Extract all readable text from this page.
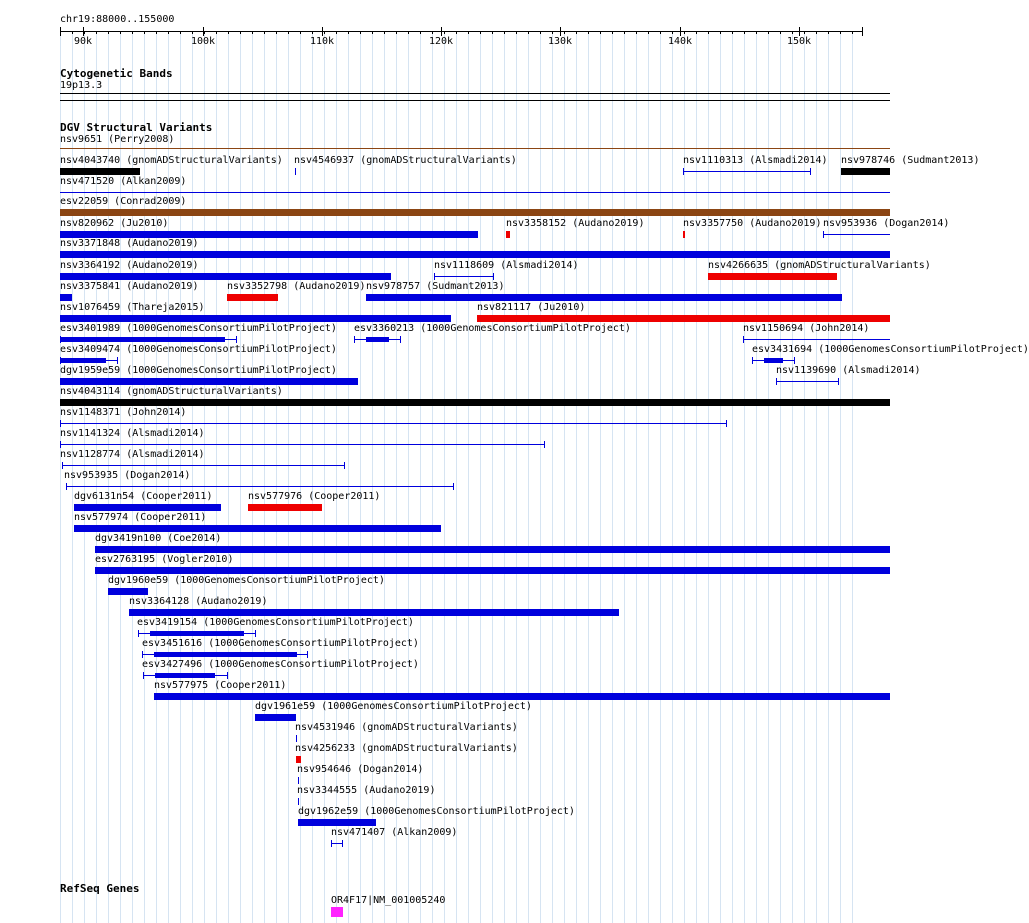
chr19:88000..155000
90k	100k	110k	120k	130k	140k	150k
Cytogenetic Bands
19p13.3
DGV Structural Variants
nsv9651 (Perry2008)
nsv4043740 (gnomADStructuralVariants) nsv4546937 (gnomADStructuralVariants)	nsv1110313 (Alsmadi2014) nsv978746 (Sudmant2013)
nsv471520 (Alkan2009)
esv22059 (Conrad2009)
nsv820962 (Ju2010)	nsv3358152 (Audano2019)	nsv3357750 (Audano2019) nsv953936 (Dogan2014)
nsv3371848 (Audano2019)
nsv3364192 (Audano2019)	nsv1118609 (Alsmadi2014)	nsv4266635 (gnomADStructuralVariants)
nsv3375841 (Audano2019)	nsv3352798 (Audano2019) nsv978757 (Sudmant2013)
nsv1076459 (Thareja2015)	nsv821117 (Ju2010)
esv3401989 (1000GenomesConsortiumPilotProject) esv3360213 (1000GenomesConsortiumPilotProject)	nsv1150694 (John2014)
esv3409474 (1000GenomesConsortiumPilotProject)	esv3431694 (1000GenomesConsortiumPilotProject)
dgv1959e59 (1000GenomesConsortiumPilotProject)	nsv1139690 (Alsmadi2014)
nsv4043114 (gnomADStructuralVariants)
nsv1148371 (John2014)
nsv1141324 (Alsmadi2014)
nsv1128774 (Alsmadi2014)
nsv953935 (Dogan2014)
dgv6131n54 (Cooper2011)	nsv577976 (Cooper2011)
nsv577974 (Cooper2011)
dgv3419n100 (Coe2014)
esv2763195 (Vogler2010)
dgv1960e59 (1000GenomesConsortiumPilotProject)
nsv3364128 (Audano2019)
esv3419154 (1000GenomesConsortiumPilotProject)
esv3451616 (1000GenomesConsortiumPilotProject)
esv3427496 (1000GenomesConsortiumPilotProject)
nsv577975 (Cooper2011)
dgv1961e59 (1000GenomesConsortiumPilotProject)
nsv4531946 (gnomADStructuralVariants)
nsv4256233 (gnomADStructuralVariants)
nsv954646 (Dogan2014)
nsv3344555 (Audano2019)
dgv1962e59 (1000GenomesConsortiumPilotProject)
nsv471407 (Alkan2009)
RefSeq Genes
OR4F17|NM_001005240
